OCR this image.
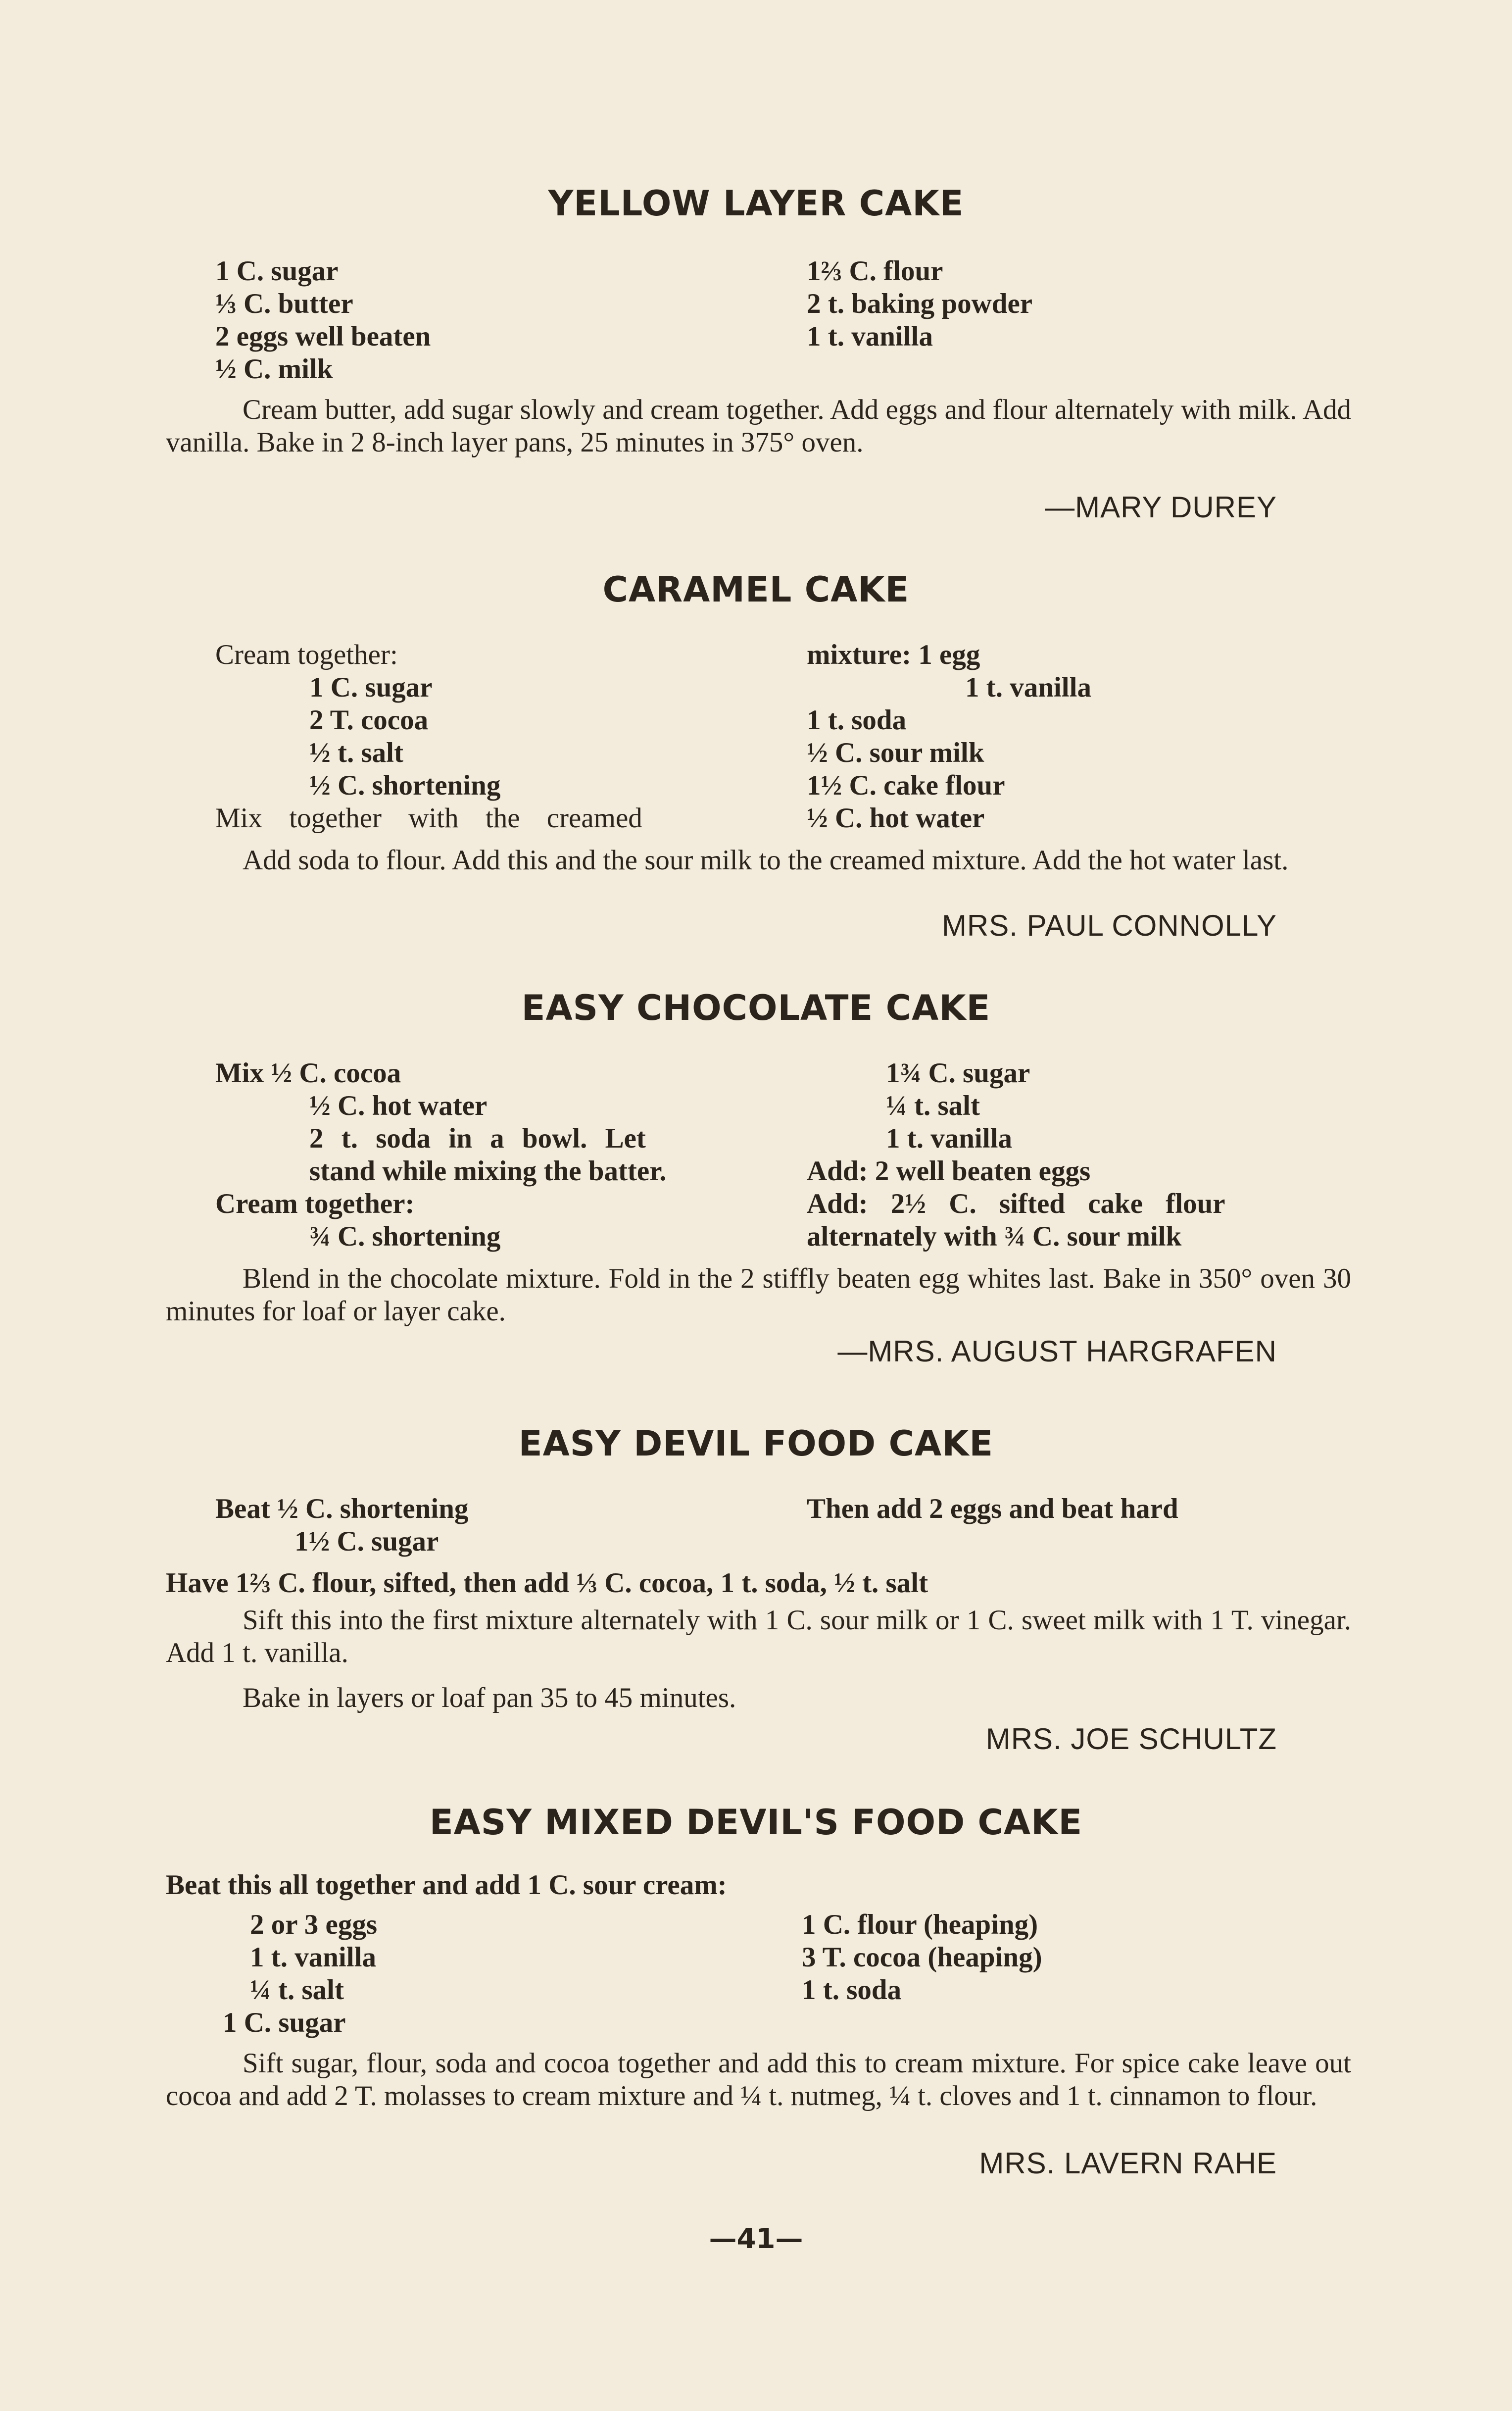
YELLOW LAYER CAKE
1 C. sugar
⅓ C. butter
2 eggs well beaten
½ C. milk
1⅔ C. flour
2 t. baking powder
1 t. vanilla

Cream butter, add sugar slowly and cream together. Add eggs and flour alternately with milk. Add vanilla. Bake in 2 8-inch layer pans, 25 minutes in 375° oven.

—MARY DUREY

CARAMEL CAKE
Cream together:
1 C. sugar
2 T. cocoa
½ t. salt
½ C. shortening
Mix together with the creamed
mixture: 1 egg
1 t. vanilla
1 t. soda
½ C. sour milk
1½ C. cake flour
½ C. hot water

Add soda to flour. Add this and the sour milk to the creamed mixture. Add the hot water last.

MRS. PAUL CONNOLLY

EASY CHOCOLATE CAKE
Mix ½ C. cocoa
½ C. hot water
2 t. soda in a bowl. Let
stand while mixing the batter.
Cream together:
¾ C. shortening
1¾ C. sugar
¼ t. salt
1 t. vanilla
Add: 2 well beaten eggs
Add: 2½ C. sifted cake flour
alternately with ¾ C. sour milk

Blend in the chocolate mixture. Fold in the 2 stiffly beaten egg whites last. Bake in 350° oven 30 minutes for loaf or layer cake.

—MRS. AUGUST HARGRAFEN

EASY DEVIL FOOD CAKE
Beat ½ C. shortening
1½ C. sugar
Then add 2 eggs and beat hard

Have 1⅔ C. flour, sifted, then add ⅓ C. cocoa, 1 t. soda, ½ t. salt

Sift this into the first mixture alternately with 1 C. sour milk or 1 C. sweet milk with 1 T. vinegar. Add 1 t. vanilla.

Bake in layers or loaf pan 35 to 45 minutes.

MRS. JOE SCHULTZ

EASY MIXED DEVIL'S FOOD CAKE

Beat this all together and add 1 C. sour cream:

2 or 3 eggs
1 t. vanilla
¼ t. salt
1 C. sugar
1 C. flour (heaping)
3 T. cocoa (heaping)
1 t. soda

Sift sugar, flour, soda and cocoa together and add this to cream mixture. For spice cake leave out cocoa and add 2 T. molasses to cream mixture and ¼ t. nutmeg, ¼ t. cloves and 1 t. cinnamon to flour.

MRS. LAVERN RAHE

—41—
